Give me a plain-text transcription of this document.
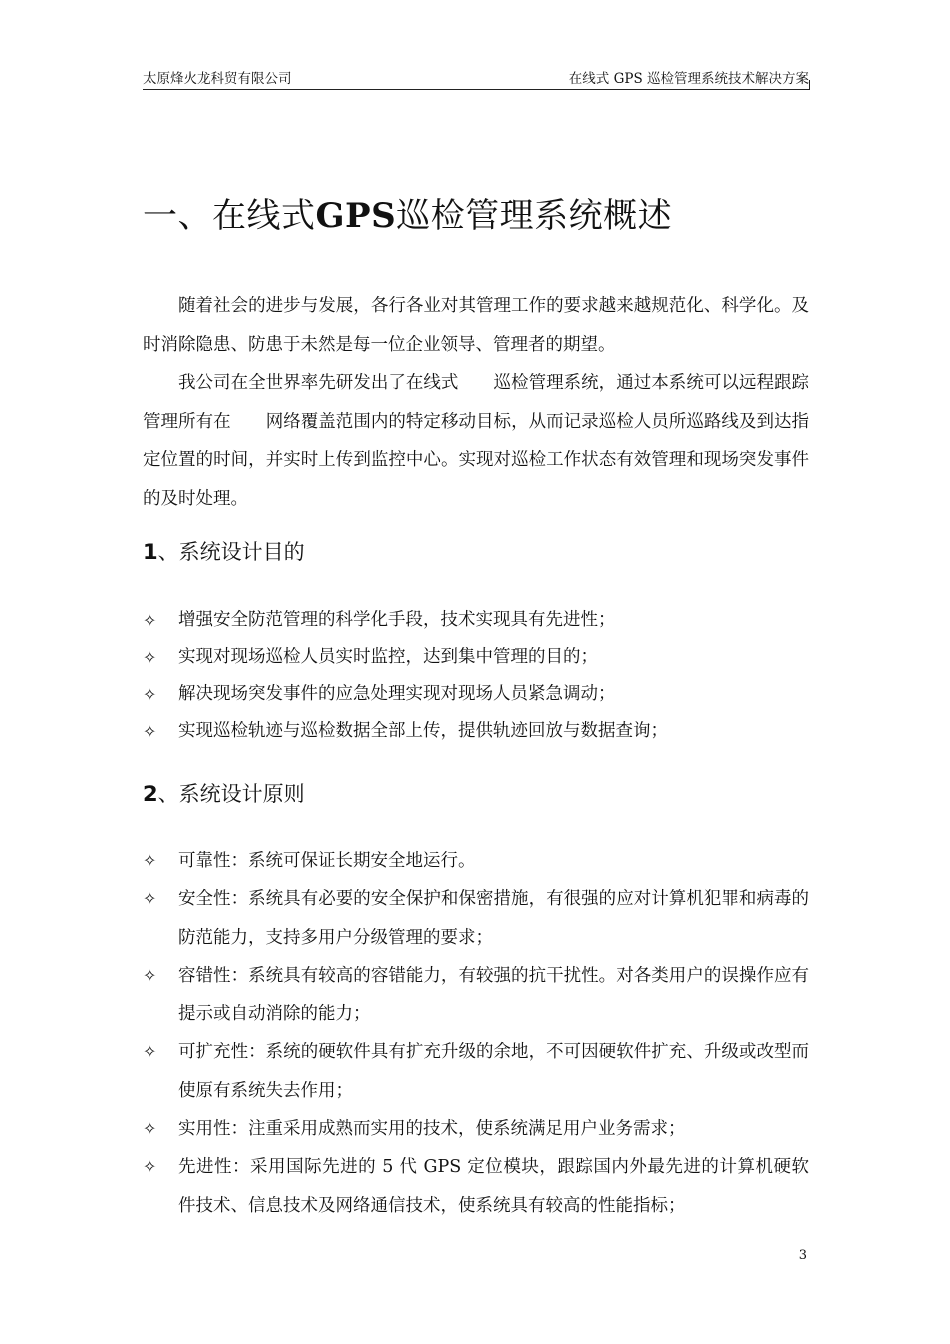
太原烽火龙科贸有限公司	在线式 GPS 巡检管理系统技术解决方案
一、在线式GPS巡检管理系统概述

随着社会的进步与发展，各行各业对其管理工作的要求越来越规范化、科学化。及时消除隐患、防患于未然是每一位企业领导、管理者的期望。

我公司在全世界率先研发出了在线式　　巡检管理系统，通过本系统可以远程跟踪管理所有在　　网络覆盖范围内的特定移动目标，从而记录巡检人员所巡路线及到达指定位置的时间，并实时上传到监控中心。实现对巡检工作状态有效管理和现场突发事件的及时处理。

1、系统设计目的
✧	增强安全防范管理的科学化手段，技术实现具有先进性；
✧	实现对现场巡检人员实时监控，达到集中管理的目的；
✧	解决现场突发事件的应急处理实现对现场人员紧急调动；
✧	实现巡检轨迹与巡检数据全部上传，提供轨迹回放与数据查询；
2、系统设计原则
✧	可靠性：系统可保证长期安全地运行。
✧	安全性：系统具有必要的安全保护和保密措施，有很强的应对计算机犯罪和病毒的防范能力，支持多用户分级管理的要求；
✧	容错性：系统具有较高的容错能力，有较强的抗干扰性。对各类用户的误操作应有提示或自动消除的能力；
✧	可扩充性：系统的硬软件具有扩充升级的余地，不可因硬软件扩充、升级或改型而使原有系统失去作用；
✧	实用性：注重采用成熟而实用的技术，使系统满足用户业务需求；
✧	先进性：采用国际先进的 5 代 GPS 定位模块，跟踪国内外最先进的计算机硬软件技术、信息技术及网络通信技术，使系统具有较高的性能指标；
3
